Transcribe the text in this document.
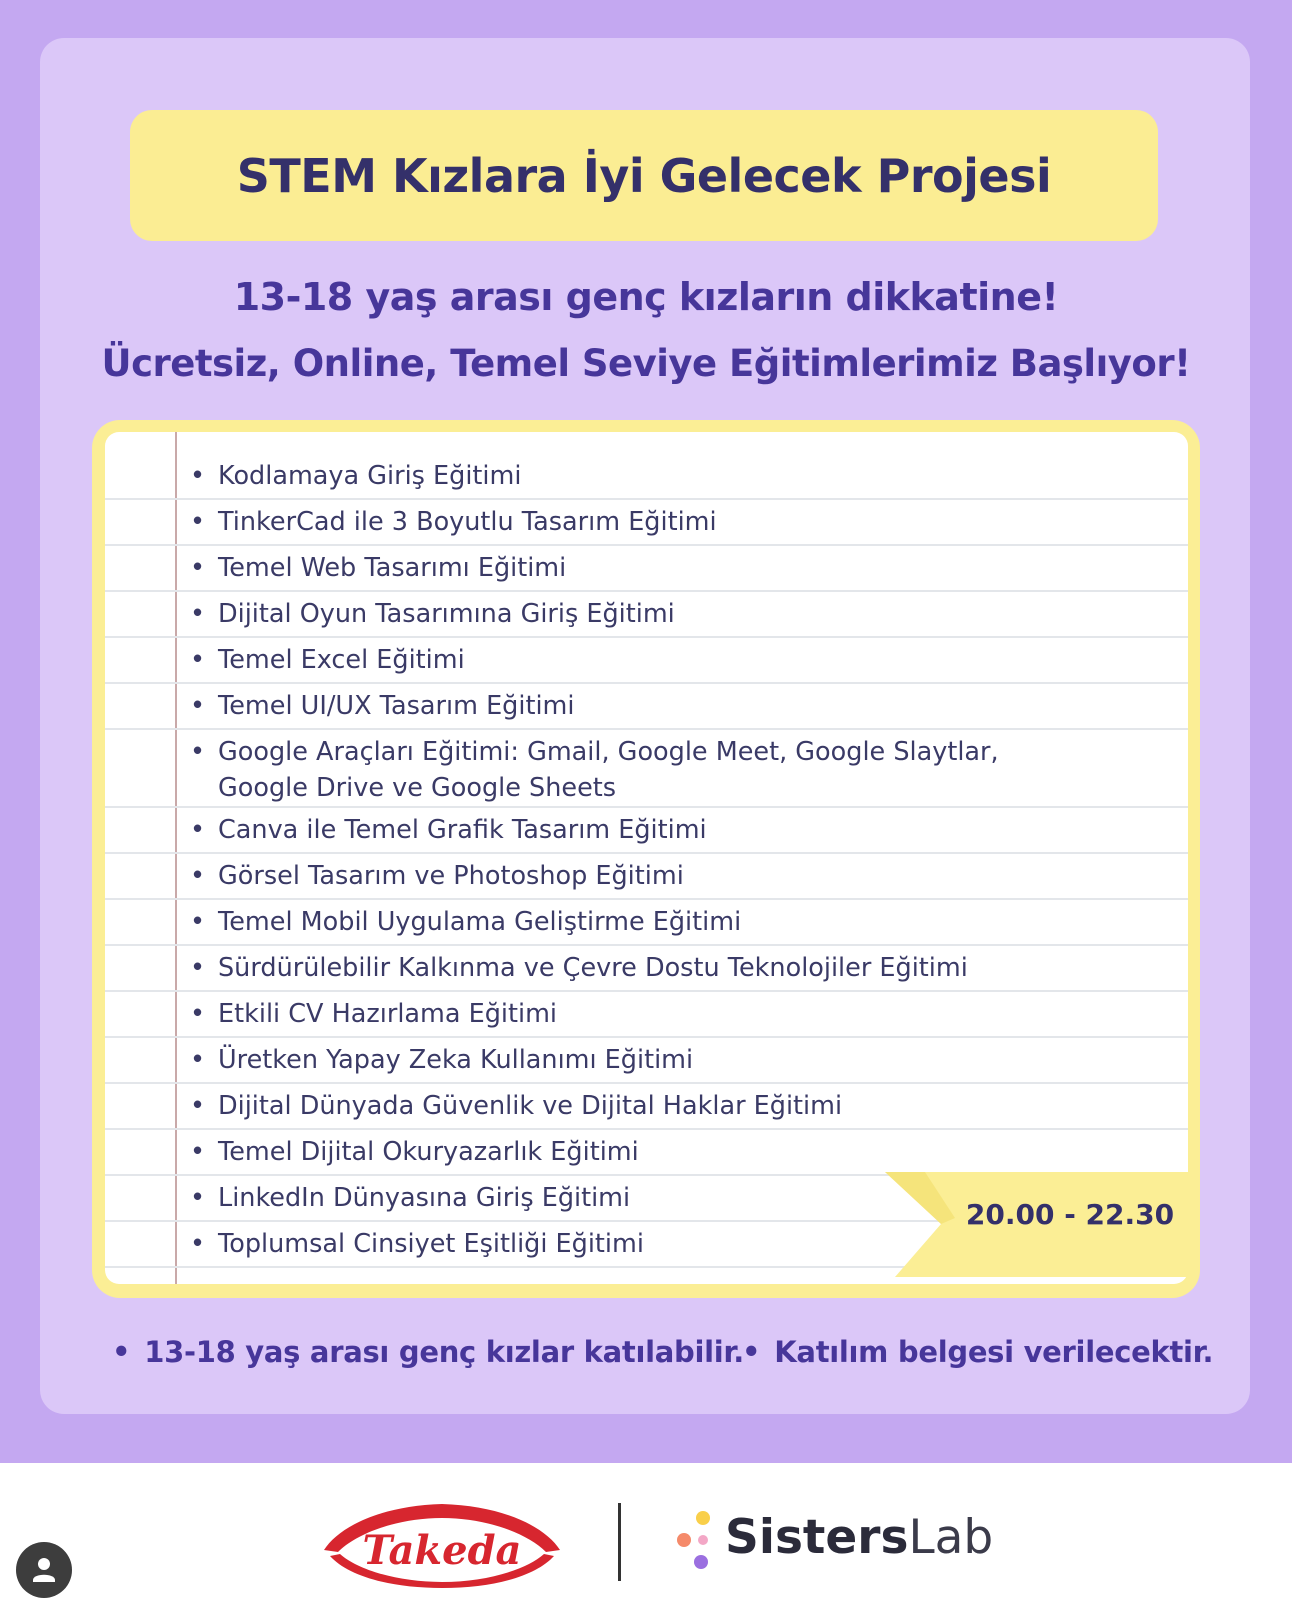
STEM Kızlara İyi Gelecek Projesi
13-18 yaş arası genç kızların dikkatine!
Ücretsiz, Online, Temel Seviye Eğitimlerimiz Başlıyor!
• Kodlamaya Giriş Eğitimi
• TinkerCad ile 3 Boyutlu Tasarım Eğitimi
• Temel Web Tasarımı Eğitimi
• Dijital Oyun Tasarımına Giriş Eğitimi
• Temel Excel Eğitimi
• Temel UI/UX Tasarım Eğitimi
• Google Araçları Eğitimi: Gmail, Google Meet, Google Slaytlar, Google Drive ve Google Sheets
• Canva ile Temel Grafik Tasarım Eğitimi
• Görsel Tasarım ve Photoshop Eğitimi
• Temel Mobil Uygulama Geliştirme Eğitimi
• Sürdürülebilir Kalkınma ve Çevre Dostu Teknolojiler Eğitimi
• Etkili CV Hazırlama Eğitimi
• Üretken Yapay Zeka Kullanımı Eğitimi
• Dijital Dünyada Güvenlik ve Dijital Haklar Eğitimi
• Temel Dijital Okuryazarlık Eğitimi
• LinkedIn Dünyasına Giriş Eğitimi
• Toplumsal Cinsiyet Eşitliği Eğitimi
20.00 - 22.30
• 13-18 yaş arası genç kızlar katılabilir.
• Katılım belgesi verilecektir.
Takeda	SistersLab
